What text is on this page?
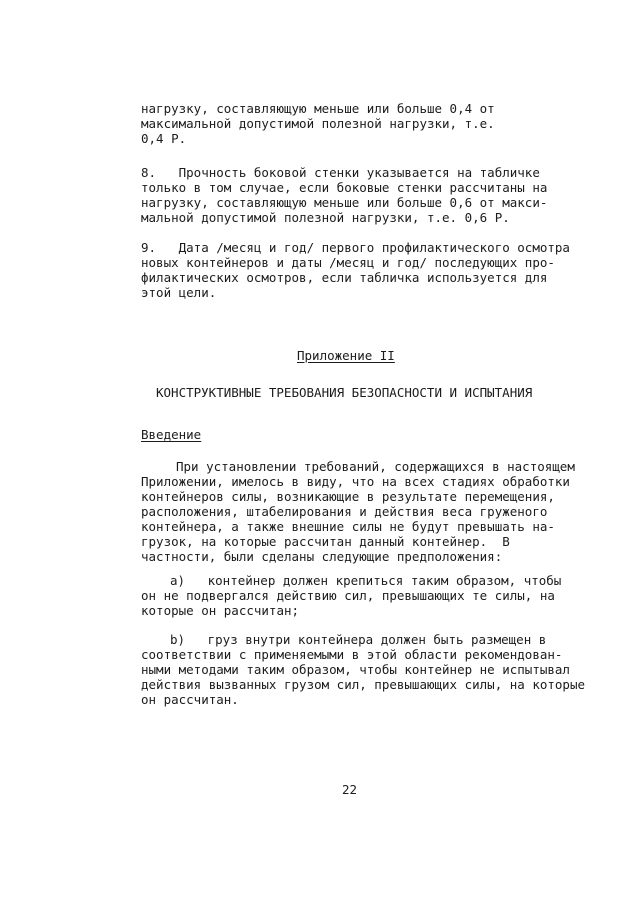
нагрузку, составляющую меньше или больше 0,4 от

максимальной допустимой полезной нагрузки, т.е.

0,4 P.

8.   Прочность боковой стенки указывается на табличке

только в том случае, если боковые стенки рассчитаны на

нагрузку, составляющую меньше или больше 0,6 от макси-

мальной допустимой полезной нагрузки, т.е. 0,6 P.

9.   Дата /месяц и год/ первого профилактического осмотра

новых контейнеров и даты /месяц и год/ последующих про-

филактических осмотров, если табличка используется для

этой цели.

Приложение II

КОНСТРУКТИВНЫЕ ТРЕБОВАНИЯ БЕЗОПАСНОСТИ И ИСПЫТАНИЯ

Введение

При установлении требований, содержащихся в настоящем

Приложении, имелось в виду, что на всех стадиях обработки

контейнеров силы, возникающие в результате перемещения,

расположения, штабелирования и действия веса груженого

контейнера, а также внешние силы не будут превышать на-

грузок, на которые рассчитан данный контейнер.  В

частности, были сделаны следующие предположения:

а)   контейнер должен крепиться таким образом, чтобы

он не подвергался действию сил, превышающих те силы, на

которые он рассчитан;

b)   груз внутри контейнера должен быть размещен в

соответствии с применяемыми в этой области рекомендован-

ными методами таким образом, чтобы контейнер не испытывал

действия вызванных грузом сил, превышающих силы, на которые

он рассчитан.

22
